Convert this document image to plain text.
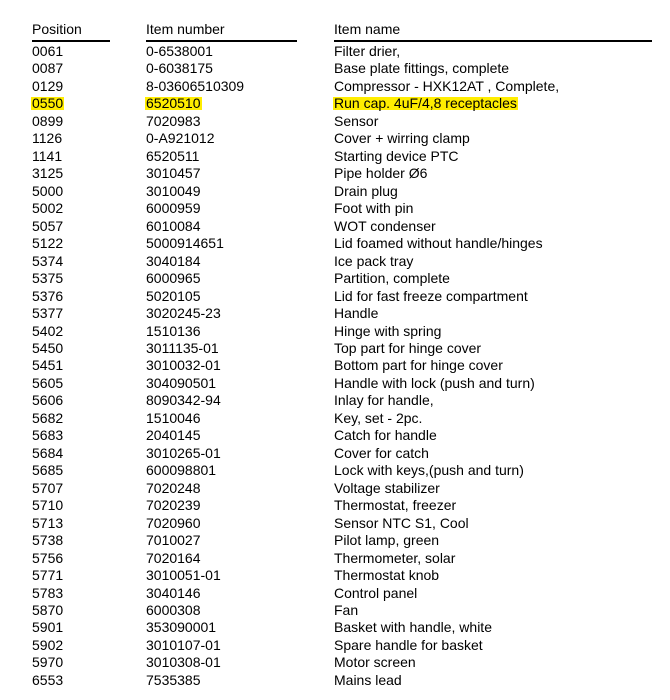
Position	Item number	Item name
0061	0-6538001	Filter drier,
0087	0-6038175	Base plate fittings, complete
0129	8-03606510309	Compressor - HXK12AT , Complete,
0550	6520510	Run cap. 4uF/4,8 receptacles
0899	7020983	Sensor
1126	0-A921012	Cover + wirring clamp
1141	6520511	Starting device PTC
3125	3010457	Pipe holder Ø6
5000	3010049	Drain plug
5002	6000959	Foot with pin
5057	6010084	WOT condenser
5122	5000914651	Lid foamed without handle/hinges
5374	3040184	Ice pack tray
5375	6000965	Partition, complete
5376	5020105	Lid for fast freeze compartment
5377	3020245-23	Handle
5402	1510136	Hinge with spring
5450	3011135-01	Top part for hinge cover
5451	3010032-01	Bottom part for hinge cover
5605	304090501	Handle with lock (push and turn)
5606	8090342-94	Inlay for handle,
5682	1510046	Key, set - 2pc.
5683	2040145	Catch for handle
5684	3010265-01	Cover for catch
5685	600098801	Lock with keys,(push and turn)
5707	7020248	Voltage stabilizer
5710	7020239	Thermostat, freezer
5713	7020960	Sensor NTC S1, Cool
5738	7010027	Pilot lamp, green
5756	7020164	Thermometer, solar
5771	3010051-01	Thermostat knob
5783	3040146	Control panel
5870	6000308	Fan
5901	353090001	Basket with handle, white
5902	3010107-01	Spare handle for basket
5970	3010308-01	Motor screen
6553	7535385	Mains lead
